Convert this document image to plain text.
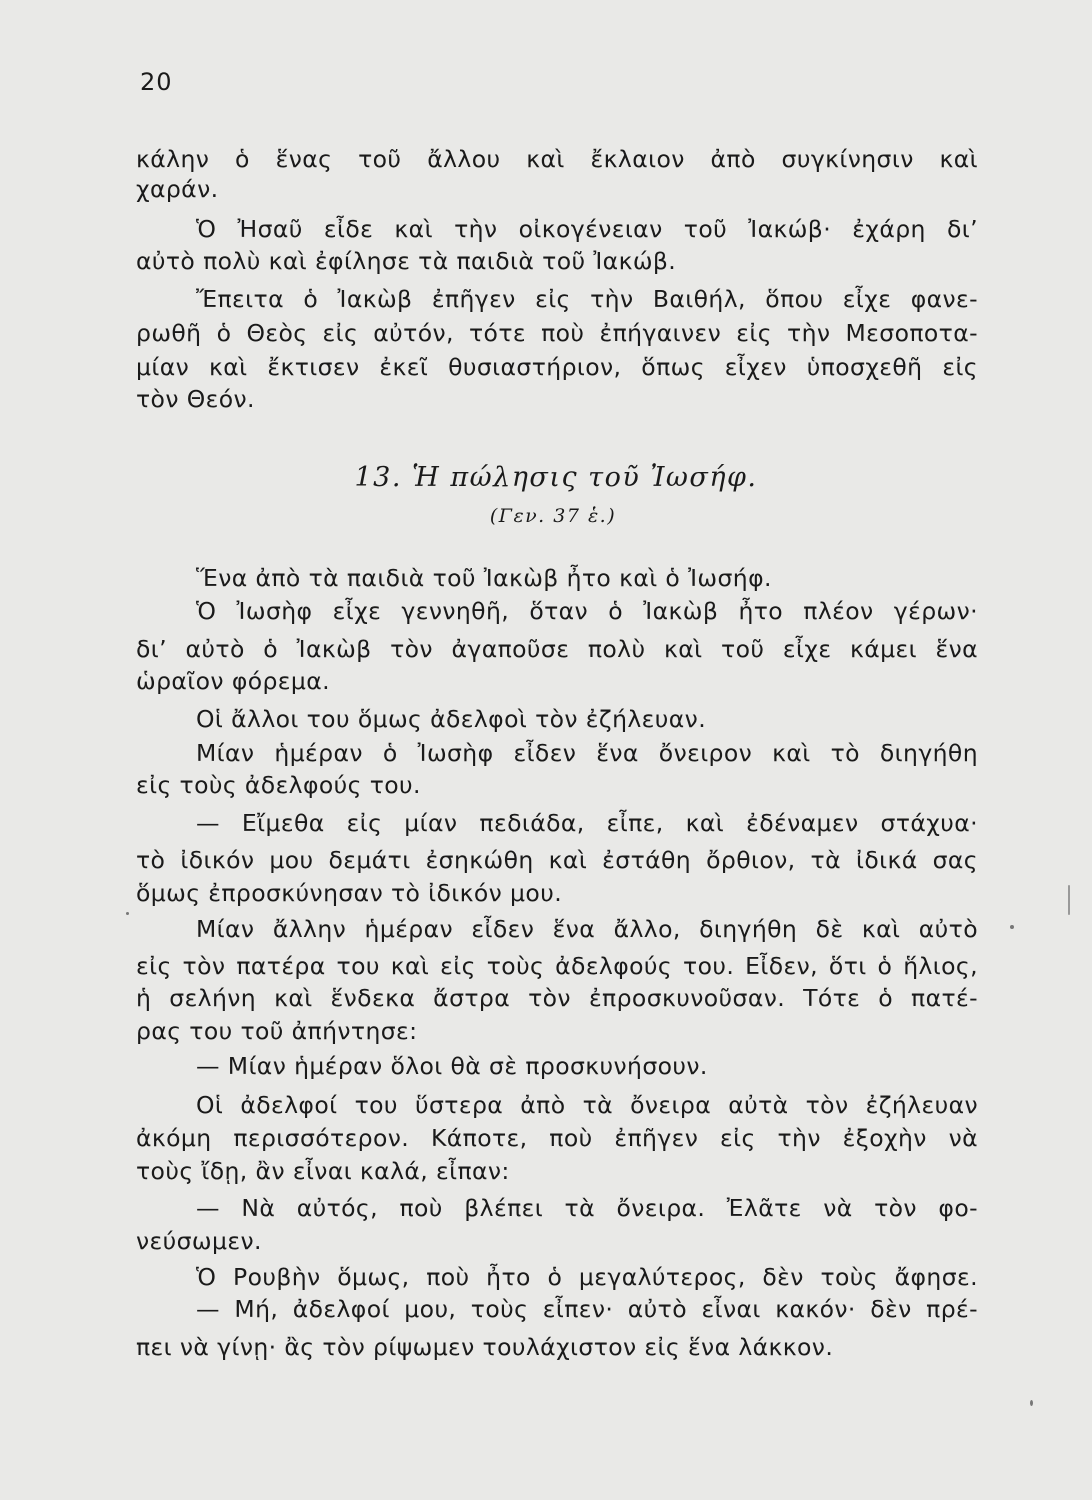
20
κάλην ὁ ἕνας τοῦ ἄλλου καὶ ἔκλαιον ἀπὸ συγκίνησιν καὶ
χαράν.
Ὁ Ἠσαῦ εἶδε καὶ τὴν οἰκογένειαν τοῦ Ἰακώβ· ἐχάρη δι’
αὐτὸ πολὺ καὶ ἐφίλησε τὰ παιδιὰ τοῦ Ἰακώβ.
Ἔπειτα ὁ Ἰακὼβ ἐπῆγεν εἰς τὴν Βαιθήλ, ὅπου εἶχε φανε-
ρωθῆ ὁ Θεὸς εἰς αὐτόν, τότε ποὺ ἐπήγαινεν εἰς τὴν Μεσοποτα-
μίαν καὶ ἔκτισεν ἐκεῖ θυσιαστήριον, ὅπως εἶχεν ὑποσχεθῆ εἰς
τὸν Θεόν.
13. Ἡ πώλησις τοῦ Ἰωσήφ.
(Γεν. 37 ἑ.)
Ἕνα ἀπὸ τὰ παιδιὰ τοῦ Ἰακὼβ ἦτο καὶ ὁ Ἰωσήφ.
Ὁ Ἰωσὴφ εἶχε γεννηθῆ, ὅταν ὁ Ἰακὼβ ἦτο πλέον γέρων·
δι’ αὐτὸ ὁ Ἰακὼβ τὸν ἀγαποῦσε πολὺ καὶ τοῦ εἶχε κάμει ἕνα
ὡραῖον φόρεμα.
Οἱ ἄλλοι του ὅμως ἀδελφοὶ τὸν ἐζήλευαν.
Μίαν ἡμέραν ὁ Ἰωσὴφ εἶδεν ἕνα ὄνειρον καὶ τὸ διηγήθη
εἰς τοὺς ἀδελφούς του.
— Εἴμεθα εἰς μίαν πεδιάδα, εἶπε, καὶ ἐδέναμεν στάχυα·
τὸ ἰδικόν μου δεμάτι ἐσηκώθη καὶ ἐστάθη ὄρθιον, τὰ ἰδικά σας
ὅμως ἐπροσκύνησαν τὸ ἰδικόν μου.
Μίαν ἄλλην ἡμέραν εἶδεν ἕνα ἄλλο, διηγήθη δὲ καὶ αὐτὸ
εἰς τὸν πατέρα του καὶ εἰς τοὺς ἀδελφούς του. Εἶδεν, ὅτι ὁ ἥλιος,
ἡ σελήνη καὶ ἕνδεκα ἄστρα τὸν ἐπροσκυνοῦσαν. Τότε ὁ πατέ-
ρας του τοῦ ἀπήντησε:
— Μίαν ἡμέραν ὅλοι θὰ σὲ προσκυνήσουν.
Οἱ ἀδελφοί του ὕστερα ἀπὸ τὰ ὄνειρα αὐτὰ τὸν ἐζήλευαν
ἀκόμη περισσότερον. Κάποτε, ποὺ ἐπῆγεν εἰς τὴν ἐξοχὴν νὰ
τοὺς ἴδῃ, ἂν εἶναι καλά, εἶπαν:
— Νὰ αὐτός, ποὺ βλέπει τὰ ὄνειρα. Ἐλᾶτε νὰ τὸν φο-
νεύσωμεν.
Ὁ Ρουβὴν ὅμως, ποὺ ἦτο ὁ μεγαλύτερος, δὲν τοὺς ἄφησε.
— Μή, ἀδελφοί μου, τοὺς εἶπεν· αὐτὸ εἶναι κακόν· δὲν πρέ-
πει νὰ γίνῃ· ἂς τὸν ρίψωμεν τουλάχιστον εἰς ἕνα λάκκον.
